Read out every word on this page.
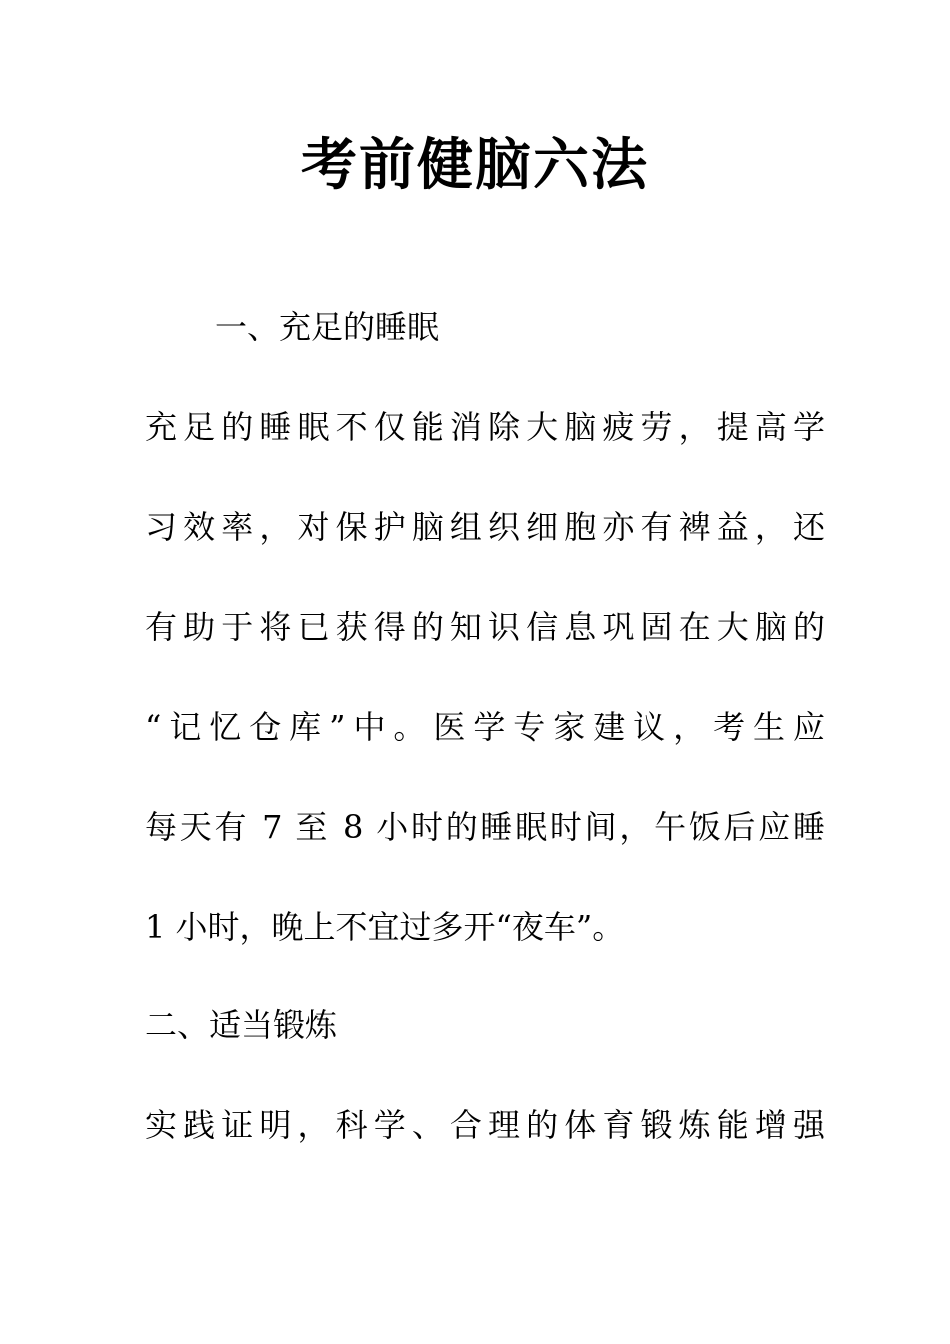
考前健脑六法
一、充足的睡眠
充足的睡眠不仅能消除大脑疲劳，提高学
习效率，对保护脑组织细胞亦有裨益，还
有助于将已获得的知识信息巩固在大脑的
“记忆仓库”中。医学专家建议，考生应
每天有 7 至 8 小时的睡眠时间，午饭后应睡
1 小时，晚上不宜过多开“夜车”。
二、适当锻炼
实践证明，科学、合理的体育锻炼能增强
